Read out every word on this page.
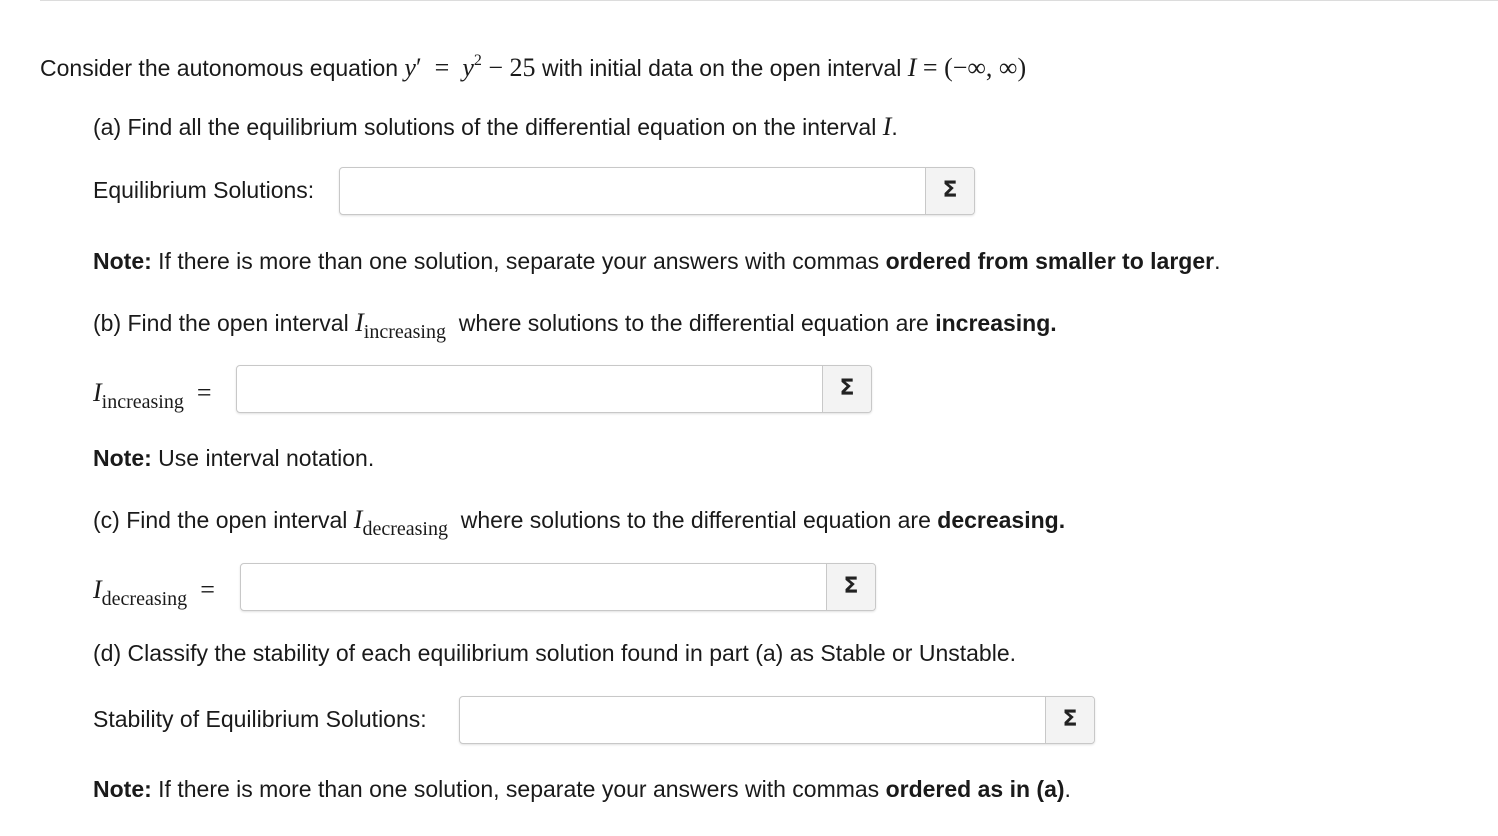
Consider the autonomous equation $y' = y^2 - 25$ with initial data on the open interval I = (−∞, ∞)
(a) Find all the equilibrium solutions of the differential equation on the interval I.
Equilibrium Solutions:	Σ
Note: If there is more than one solution, separate your answers with commas ordered from smaller to larger.
(b) Find the open interval $I_{increasing}$ where solutions to the differential equation are increasing.
$I_{increasing}$ =	Σ
Note: Use interval notation.
(c) Find the open interval $I_{decreasing}$ where solutions to the differential equation are decreasing.
$I_{decreasing}$ =	Σ
(d) Classify the stability of each equilibrium solution found in part (a) as Stable or Unstable.
Stability of Equilibrium Solutions:	Σ
Note: If there is more than one solution, separate your answers with commas ordered as in (a).
